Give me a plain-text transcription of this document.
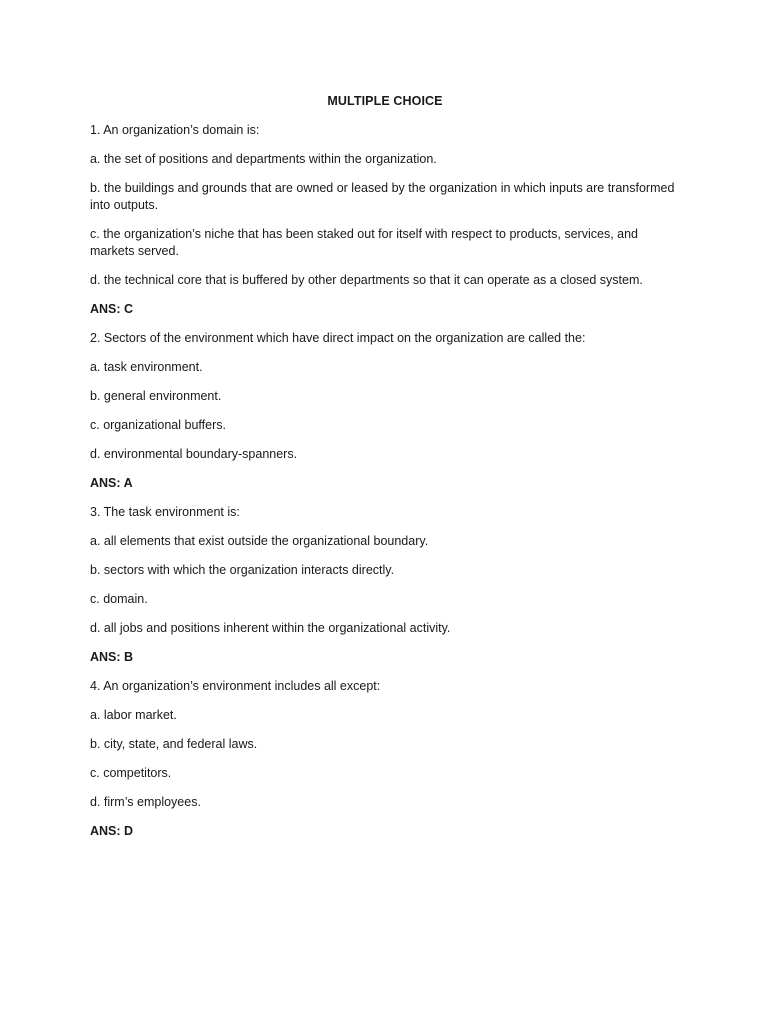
MULTIPLE CHOICE
1. An organization’s domain is:
a. the set of positions and departments within the organization.
b. the buildings and grounds that are owned or leased by the organization in which inputs are transformed into outputs.
c. the organization’s niche that has been staked out for itself with respect to products, services, and markets served.
d. the technical core that is buffered by other departments so that it can operate as a closed system.
ANS: C
2. Sectors of the environment which have direct impact on the organization are called the:
a. task environment.
b. general environment.
c. organizational buffers.
d. environmental boundary-spanners.
ANS: A
3. The task environment is:
a. all elements that exist outside the organizational boundary.
b. sectors with which the organization interacts directly.
c. domain.
d. all jobs and positions inherent within the organizational activity.
ANS: B
4. An organization’s environment includes all except:
a. labor market.
b. city, state, and federal laws.
c. competitors.
d. firm’s employees.
ANS: D
